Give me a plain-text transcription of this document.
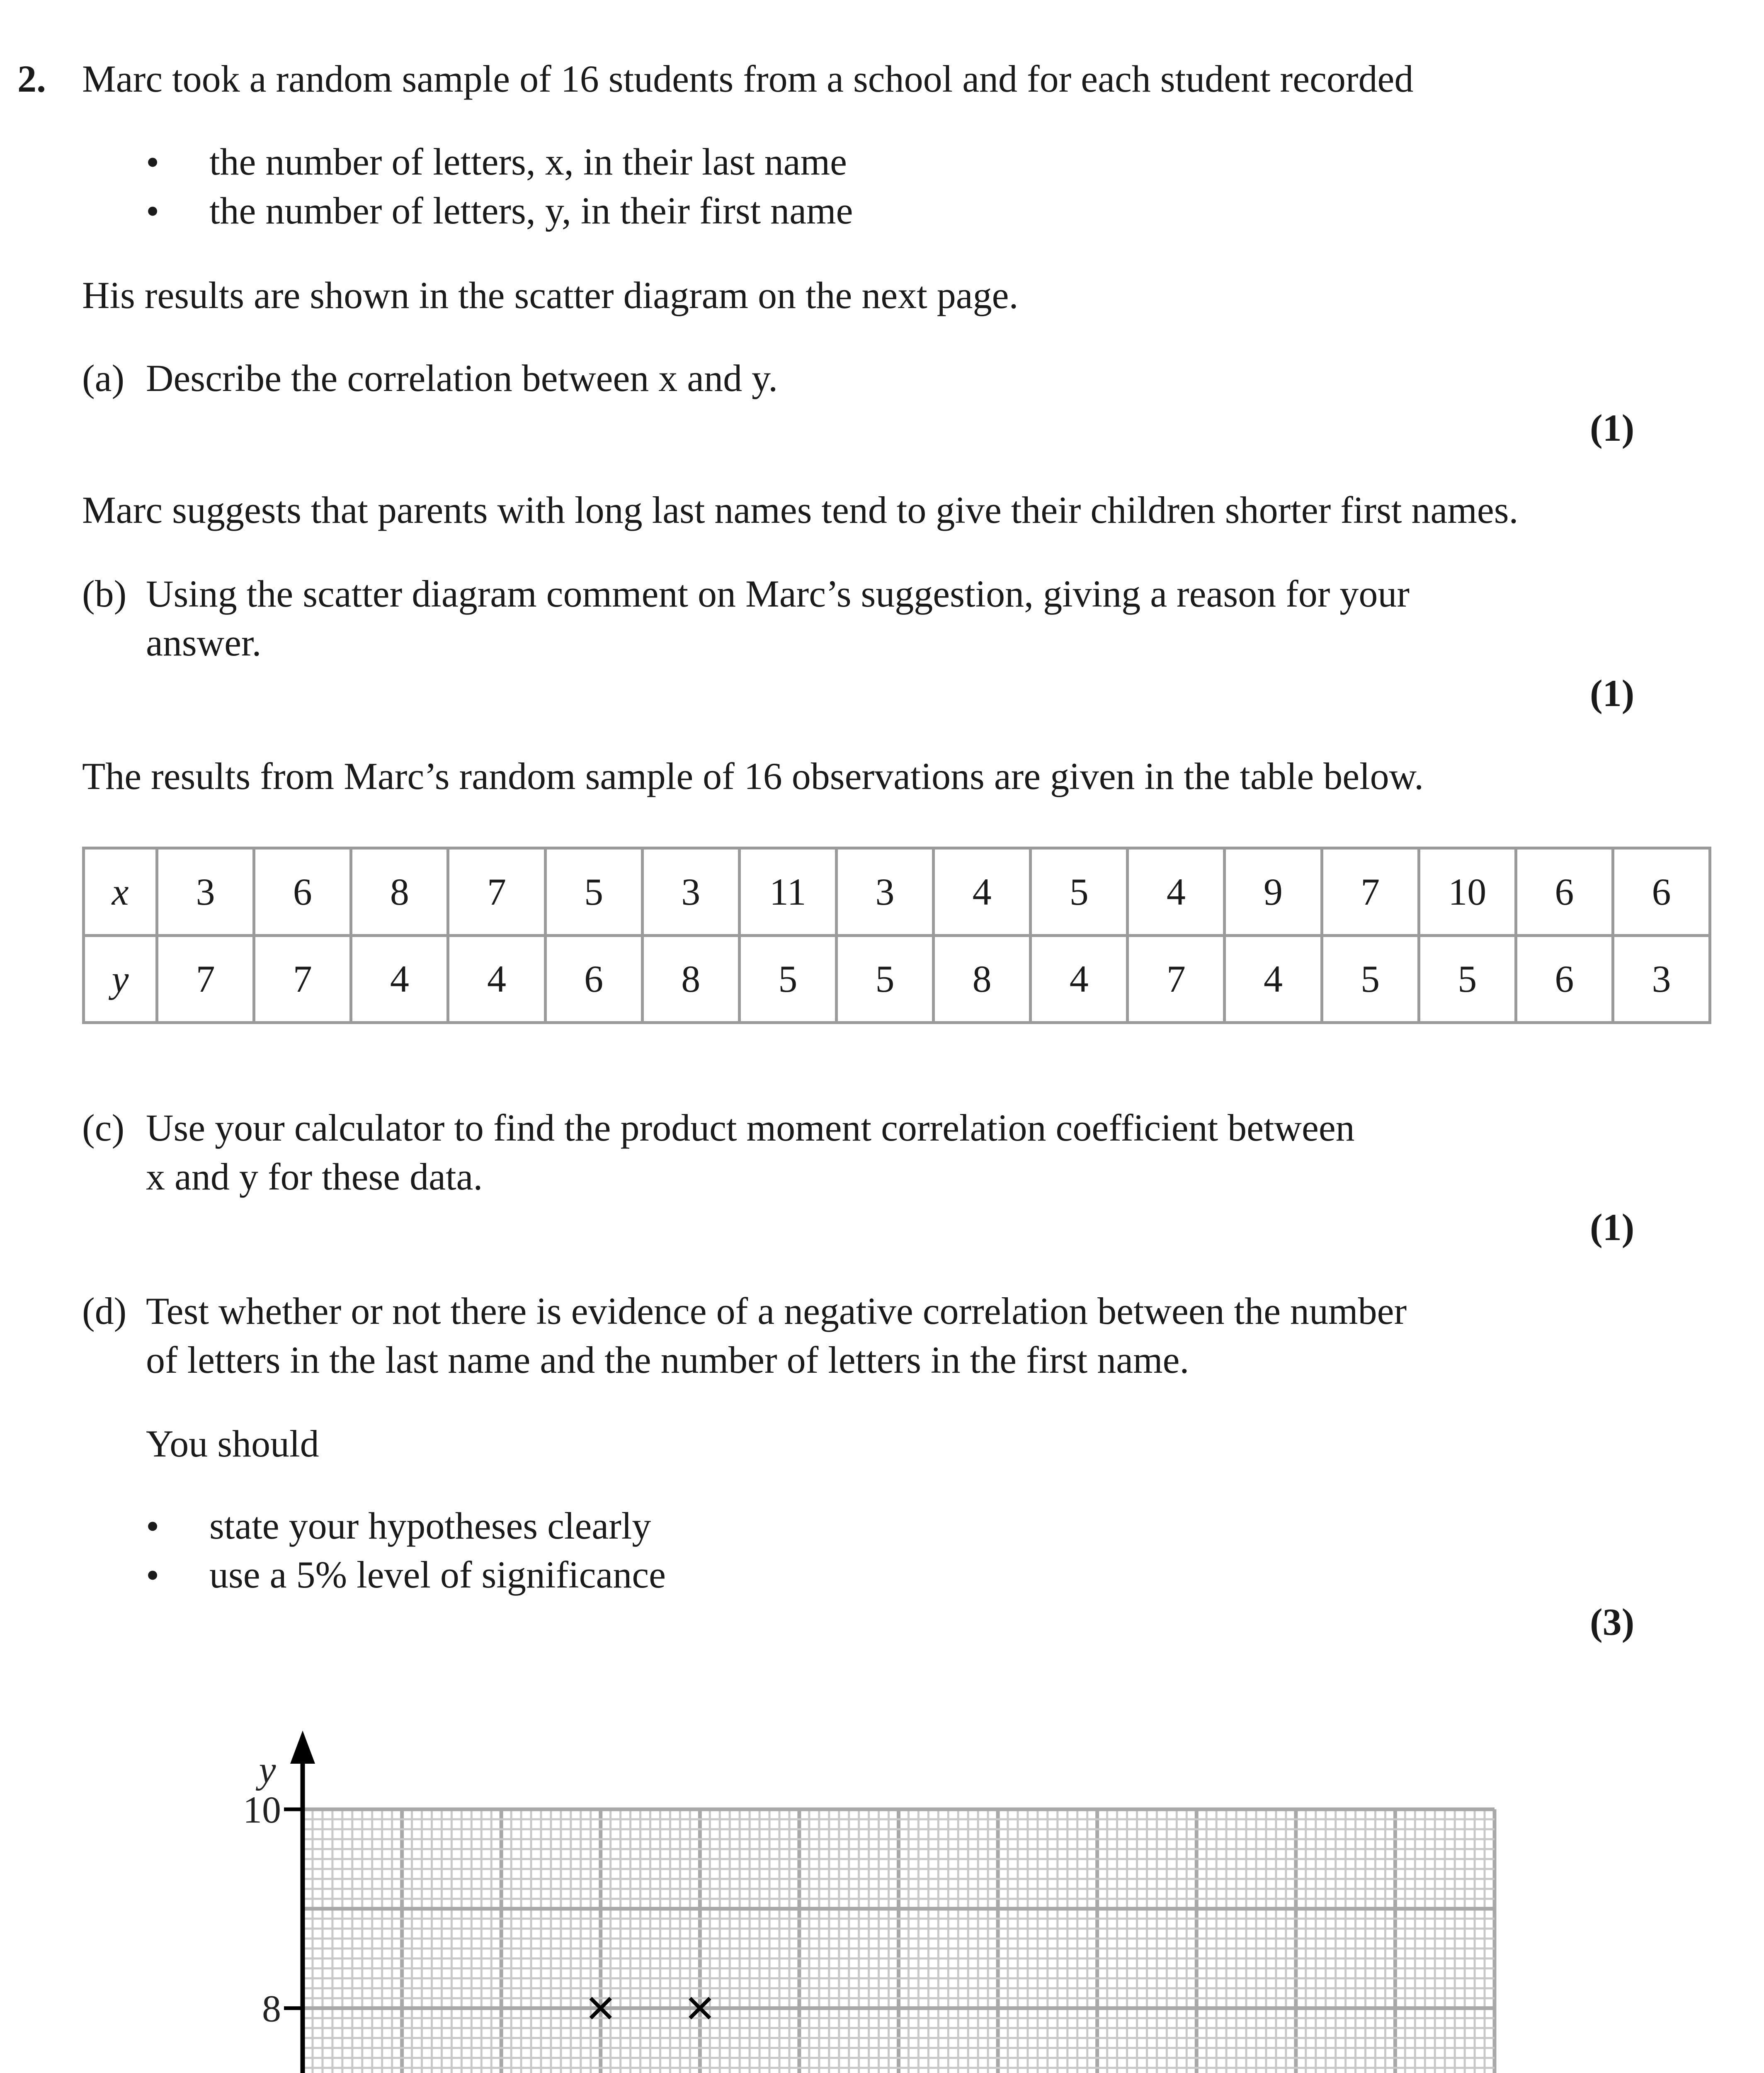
2. Marc took a random sample of 16 students from a school and for each student recorded
• the number of letters, x, in their last name
• the number of letters, y, in their first name
His results are shown in the scatter diagram on the next page.
(a) Describe the correlation between x and y.
(1)
Marc suggests that parents with long last names tend to give their children shorter first names.
(b) Using the scatter diagram comment on Marc’s suggestion, giving a reason for your
answer.
(1)
The results from Marc’s random sample of 16 observations are given in the table below.
x	3	6	8	7	5	3	11	3	4	5	4	9	7	10	6	6
y	7	7	4	4	6	8	5	5	8	4	7	4	5	5	6	3
(c) Use your calculator to find the product moment correlation coefficient between
x and y for these data.
(1)
(d) Test whether or not there is evidence of a negative correlation between the number
of letters in the last name and the number of letters in the first name.
You should
• state your hypotheses clearly
• use a 5% level of significance
(3)
8
10
y
